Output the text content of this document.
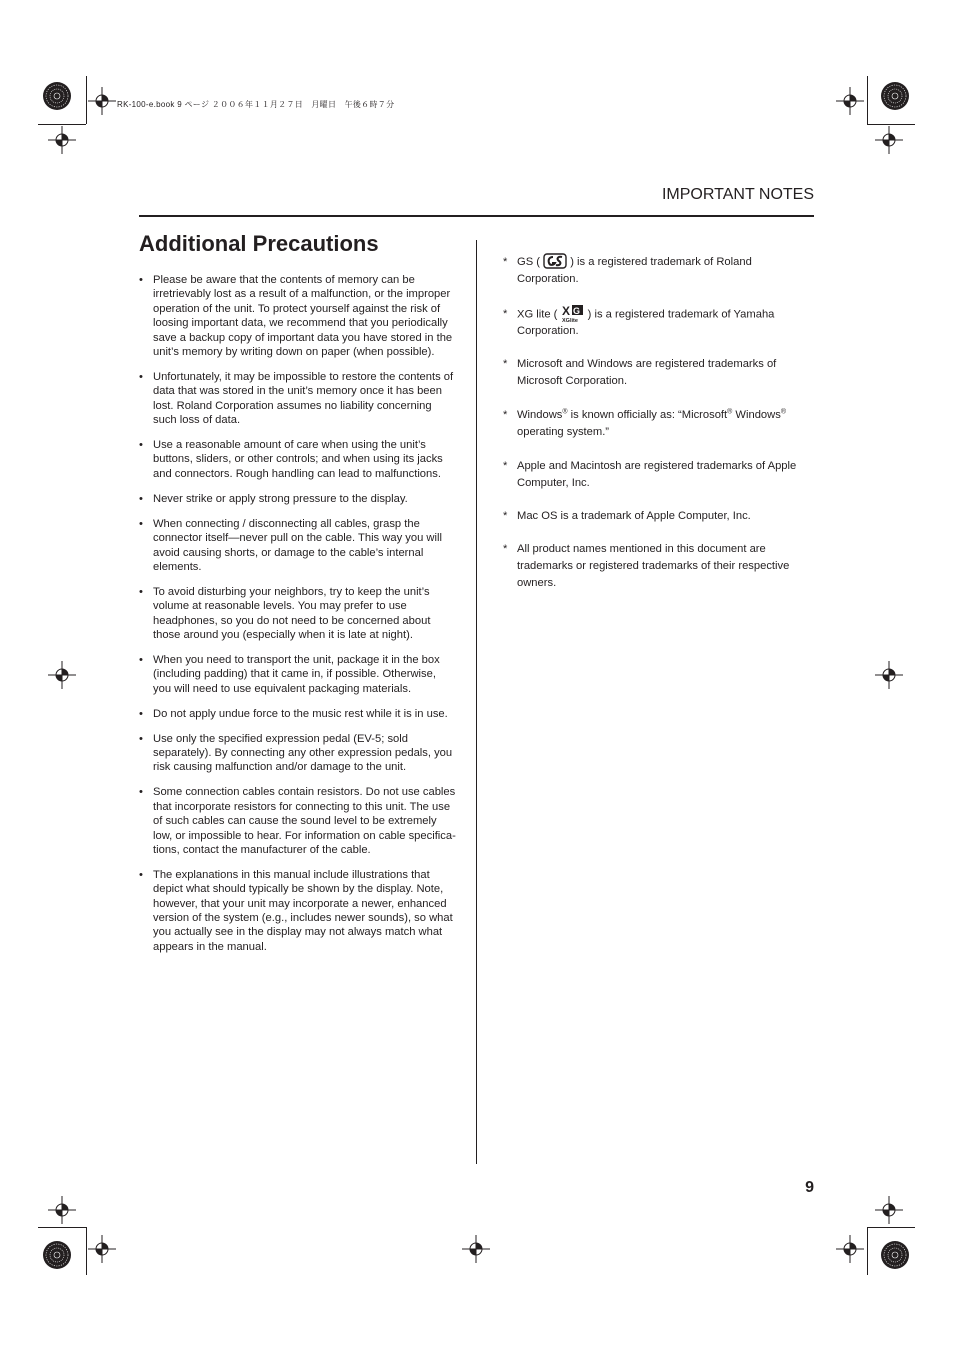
RK-100-e.book 9 ページ ２００６年１１月２７日　月曜日　午後６時７分
IMPORTANT NOTES
Additional Precautions
• Please be aware that the contents of memory can be irretrievably lost as a result of a malfunction, or the improper operation of the unit. To protect yourself against the risk of loosing important data, we recommend that you periodically save a backup copy of important data you have stored in the unit’s memory by writing down on paper (when possible).
• Unfortunately, it may be impossible to restore the contents of data that was stored in the unit’s memory once it has been lost. Roland Corporation assumes no liability concerning such loss of data.
• Use a reasonable amount of care when using the unit’s buttons, sliders, or other controls; and when using its jacks and connectors. Rough handling can lead to malfunctions.
• Never strike or apply strong pressure to the display.
• When connecting / disconnecting all cables, grasp the connector itself—never pull on the cable. This way you will avoid causing shorts, or damage to the cable’s internal elements.
• To avoid disturbing your neighbors, try to keep the unit’s volume at reasonable levels. You may prefer to use headphones, so you do not need to be concerned about those around you (especially when it is late at night).
• When you need to transport the unit, package it in the box (including padding) that it came in, if possible. Otherwise, you will need to use equivalent packaging materials.
• Do not apply undue force to the music rest while it is in use.
• Use only the specified expression pedal (EV-5; sold separately). By connecting any other expression pedals, you risk causing malfunction and/or damage to the unit.
• Some connection cables contain resistors. Do not use cables that incorporate resistors for connecting to this unit. The use of such cables can cause the sound level to be extremely low, or impossible to hear. For information on cable specifica-tions, contact the manufacturer of the cable.
• The explanations in this manual include illustrations that depict what should typically be shown by the display. Note, however, that your unit may incorporate a newer, enhanced version of the system (e.g., includes newer sounds), so what you actually see in the display may not always match what appears in the manual.
* GS (	) is a registered trademark of Roland Corporation.
* XG lite ( X G
XGlite
) is a registered trademark of Yamaha Corporation.
* Microsoft and Windows are registered trademarks of Microsoft Corporation.
* Windows® is known officially as: “Microsoft® Windows® operating system.”
* Apple and Macintosh are registered trademarks of Apple Computer, Inc.
* Mac OS is a trademark of Apple Computer, Inc.
* All product names mentioned in this document are trademarks or registered trademarks of their respective owners.
9
